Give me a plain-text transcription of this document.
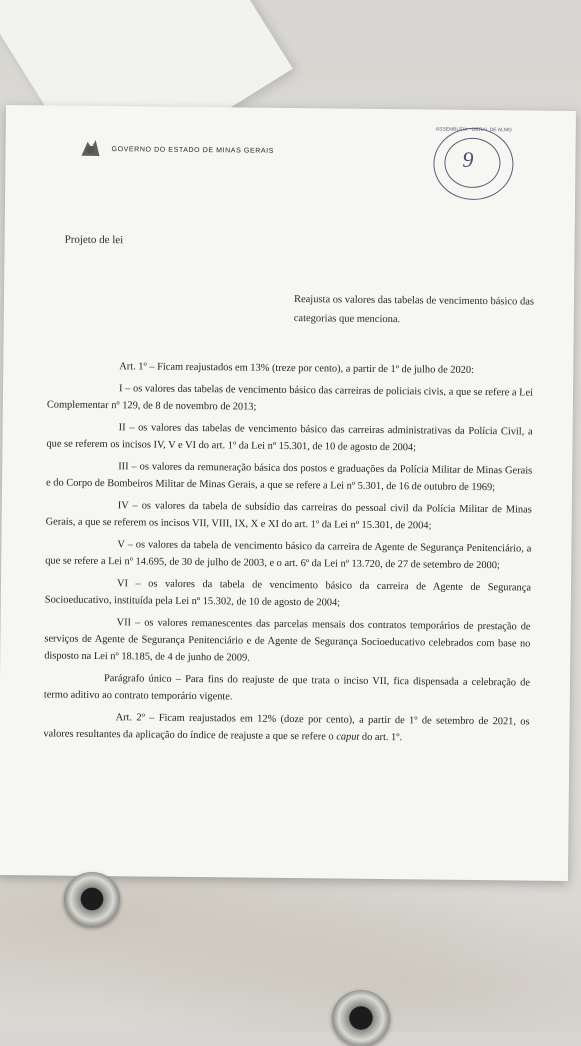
GOVERNO DO ESTADO DE MINAS GERAIS
ASSEMBLEIA · GERAL DE ALMG
9
Projeto de lei
Reajusta os valores das tabelas de vencimento básico das categorias que menciona.

Art. 1º – Ficam reajustados em 13% (treze por cento), a partir de 1º de julho de 2020:

I – os valores das tabelas de vencimento básico das carreiras de policiais civis, a que se refere a Lei Complementar nº 129, de 8 de novembro de 2013;

II – os valores das tabelas de vencimento básico das carreiras administrativas da Polícia Civil, a que se referem os incisos IV, V e VI do art. 1º da Lei nº 15.301, de 10 de agosto de 2004;

III – os valores da remuneração básica dos postos e graduações da Polícia Militar de Minas Gerais e do Corpo de Bombeiros Militar de Minas Gerais, a que se refere a Lei nº 5.301, de 16 de outubro de 1969;

IV – os valores da tabela de subsídio das carreiras do pessoal civil da Polícia Militar de Minas Gerais, a que se referem os incisos VII, VIII, IX, X e XI do art. 1º da Lei nº 15.301, de 2004;

V – os valores da tabela de vencimento básico da carreira de Agente de Segurança Penitenciário, a que se refere a Lei nº 14.695, de 30 de julho de 2003, e o art. 6º da Lei nº 13.720, de 27 de setembro de 2000;

VI – os valores da tabela de vencimento básico da carreira de Agente de Segurança Socioeducativo, instituída pela Lei nº 15.302, de 10 de agosto de 2004;

VII – os valores remanescentes das parcelas mensais dos contratos temporários de prestação de serviços de Agente de Segurança Penitenciário e de Agente de Segurança Socioeducativo celebrados com base no disposto na Lei nº 18.185, de 4 de junho de 2009.

Parágrafo único – Para fins do reajuste de que trata o inciso VII, fica dispensada a celebração de termo aditivo ao contrato temporário vigente.

Art. 2º – Ficam reajustados em 12% (doze por cento), a partir de 1º de setembro de 2021, os valores resultantes da aplicação do índice de reajuste a que se refere o caput do art. 1º.
